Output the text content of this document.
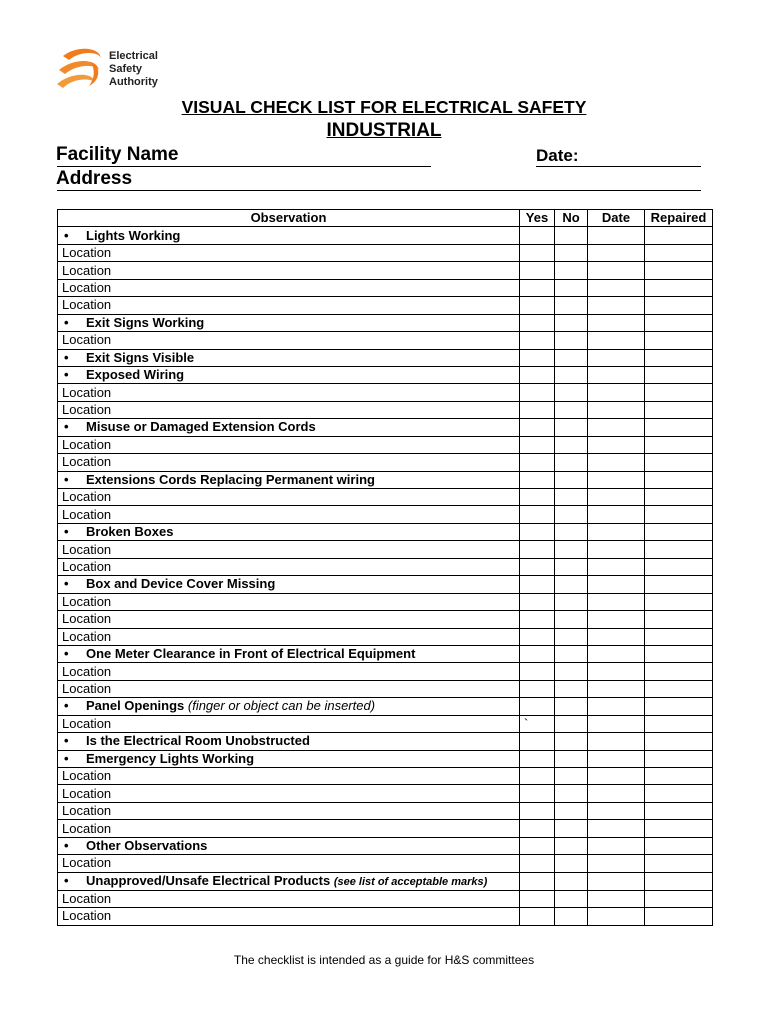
Electrical
Safety
Authority
VISUAL CHECK LIST FOR ELECTRICAL SAFETY
INDUSTRIAL
Facility Name	Date:
Address
Observation	Yes	No	Date	Repaired
• Lights Working				
Location				
Location				
Location				
Location				
• Exit Signs Working				
Location				
• Exit Signs Visible				
• Exposed Wiring				
Location				
Location				
• Misuse or Damaged Extension Cords				
Location				
Location				
• Extensions Cords Replacing Permanent wiring				
Location				
Location				
• Broken Boxes				
Location				
Location				
• Box and Device Cover Missing				
Location				
Location				
Location				
• One Meter Clearance in Front of Electrical Equipment				
Location				
Location				
• Panel Openings (finger or object can be inserted)				
Location	`			
• Is the Electrical Room Unobstructed				
• Emergency Lights Working				
Location				
Location				
Location				
Location				
• Other Observations				
Location				
• Unapproved/Unsafe Electrical Products (see list of acceptable marks)				
Location				
Location				
The checklist is intended as a guide for H&S committees
